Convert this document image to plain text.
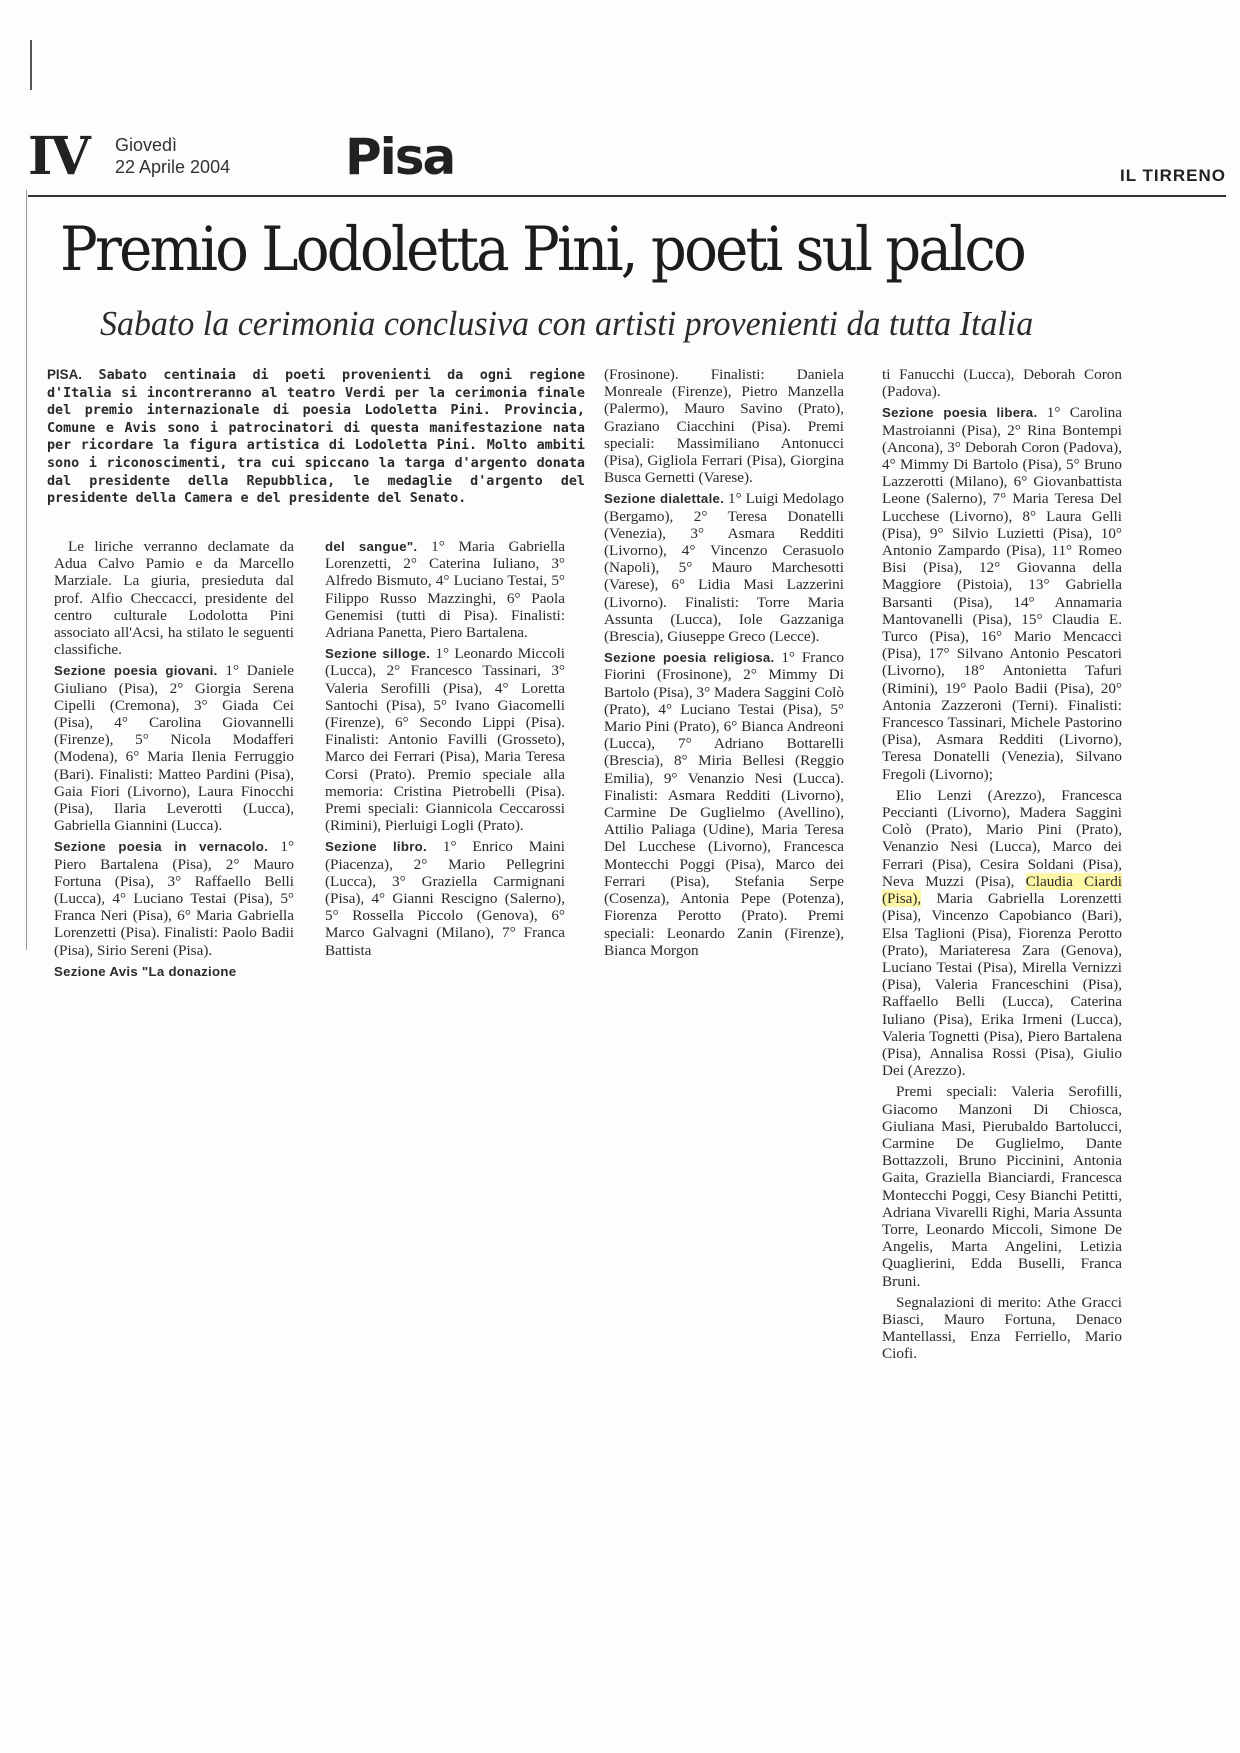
IV Giovedì
22 Aprile 2004 Pisa	IL TIRRENO
Premio Lodoletta Pini, poeti sul palco
Sabato la cerimonia conclusiva con artisti provenienti da tutta Italia
PISA. Sabato centinaia di poeti provenienti da ogni regione d'Italia si incontreranno al teatro Verdi per la cerimonia finale del premio internazionale di poesia Lodoletta Pini. Provincia, Comune e Avis sono i patrocinatori di questa manifestazione nata per ricordare la figura artistica di Lodoletta Pini. Molto ambiti sono i riconoscimenti, tra cui spiccano la targa d'argento donata dal presidente della Repubblica, le medaglie d'argento del presidente della Camera e del presidente del Senato.

Le liriche verranno declamate da Adua Calvo Pamio e da Marcello Marziale. La giuria, presieduta dal prof. Alfio Checcacci, presidente del centro culturale Lodolotta Pini associato all'Acsi, ha stilato le seguenti classifiche.

Sezione poesia giovani. 1° Daniele Giuliano (Pisa), 2° Giorgia Serena Cipelli (Cremona), 3° Giada Cei (Pisa), 4° Carolina Giovannelli (Firenze), 5° Nicola Modafferi (Modena), 6° Maria Ilenia Ferruggio (Bari). Finalisti: Matteo Pardini (Pisa), Gaia Fiori (Livorno), Laura Finocchi (Pisa), Ilaria Leverotti (Lucca), Gabriella Giannini (Lucca).

Sezione poesia in vernacolo. 1° Piero Bartalena (Pisa), 2° Mauro Fortuna (Pisa), 3° Raffaello Belli (Lucca), 4° Luciano Testai (Pisa), 5° Franca Neri (Pisa), 6° Maria Gabriella Lorenzetti (Pisa). Finalisti: Paolo Badii (Pisa), Sirio Sereni (Pisa).

Sezione Avis "La donazione

del sangue". 1° Maria Gabriella Lorenzetti, 2° Caterina Iuliano, 3° Alfredo Bismuto, 4° Luciano Testai, 5° Filippo Russo Mazzinghi, 6° Paola Genemisi (tutti di Pisa). Finalisti: Adriana Panetta, Piero Bartalena.

Sezione silloge. 1° Leonardo Miccoli (Lucca), 2° Francesco Tassinari, 3° Valeria Serofilli (Pisa), 4° Loretta Santochi (Pisa), 5° Ivano Giacomelli (Firenze), 6° Secondo Lippi (Pisa). Finalisti: Antonio Favilli (Grosseto), Marco dei Ferrari (Pisa), Maria Teresa Corsi (Prato). Premio speciale alla memoria: Cristina Pietrobelli (Pisa). Premi speciali: Giannicola Ceccarossi (Rimini), Pierluigi Logli (Prato).

Sezione libro. 1° Enrico Maini (Piacenza), 2° Mario Pellegrini (Lucca), 3° Graziella Carmignani (Pisa), 4° Gianni Rescigno (Salerno), 5° Rossella Piccolo (Genova), 6° Marco Galvagni (Milano), 7° Franca Battista

(Frosinone). Finalisti: Daniela Monreale (Firenze), Pietro Manzella (Palermo), Mauro Savino (Prato), Graziano Ciacchini (Pisa). Premi speciali: Massimiliano Antonucci (Pisa), Gigliola Ferrari (Pisa), Giorgina Busca Gernetti (Varese).

Sezione dialettale. 1° Luigi Medolago (Bergamo), 2° Teresa Donatelli (Venezia), 3° Asmara Redditi (Livorno), 4° Vincenzo Cerasuolo (Napoli), 5° Mauro Marchesotti (Varese), 6° Lidia Masi Lazzerini (Livorno). Finalisti: Torre Maria Assunta (Lucca), Iole Gazzaniga (Brescia), Giuseppe Greco (Lecce).

Sezione poesia religiosa. 1° Franco Fiorini (Frosinone), 2° Mimmy Di Bartolo (Pisa), 3° Madera Saggini Colò (Prato), 4° Luciano Testai (Pisa), 5° Mario Pini (Prato), 6° Bianca Andreoni (Lucca), 7° Adriano Bottarelli (Brescia), 8° Miria Bellesi (Reggio Emilia), 9° Venanzio Nesi (Lucca). Finalisti: Asmara Redditi (Livorno), Carmine De Guglielmo (Avellino), Attilio Paliaga (Udine), Maria Teresa Del Lucchese (Livorno), Francesca Montecchi Poggi (Pisa), Marco dei Ferrari (Pisa), Stefania Serpe (Cosenza), Antonia Pepe (Potenza), Fiorenza Perotto (Prato). Premi speciali: Leonardo Zanin (Firenze), Bianca Morgon

ti Fanucchi (Lucca), Deborah Coron (Padova).

Sezione poesia libera. 1° Carolina Mastroianni (Pisa), 2° Rina Bontempi (Ancona), 3° Deborah Coron (Padova), 4° Mimmy Di Bartolo (Pisa), 5° Bruno Lazzerotti (Milano), 6° Giovanbattista Leone (Salerno), 7° Maria Teresa Del Lucchese (Livorno), 8° Laura Gelli (Pisa), 9° Silvio Luzietti (Pisa), 10° Antonio Zampardo (Pisa), 11° Romeo Bisi (Pisa), 12° Giovanna della Maggiore (Pistoia), 13° Gabriella Barsanti (Pisa), 14° Annamaria Mantovanelli (Pisa), 15° Claudia E. Turco (Pisa), 16° Mario Mencacci (Pisa), 17° Silvano Antonio Pescatori (Livorno), 18° Antonietta Tafuri (Rimini), 19° Paolo Badii (Pisa), 20° Antonia Zazzeroni (Terni). Finalisti: Francesco Tassinari, Michele Pastorino (Pisa), Asmara Redditi (Livorno), Teresa Donatelli (Venezia), Silvano Fregoli (Livorno);

Elio Lenzi (Arezzo), Francesca Peccianti (Livorno), Madera Saggini Colò (Prato), Mario Pini (Prato), Venanzio Nesi (Lucca), Marco dei Ferrari (Pisa), Cesira Soldani (Pisa), Neva Muzzi (Pisa), Claudia Ciardi (Pisa), Maria Gabriella Lorenzetti (Pisa), Vincenzo Capobianco (Bari), Elsa Taglioni (Pisa), Fiorenza Perotto (Prato), Mariateresa Zara (Genova), Luciano Testai (Pisa), Mirella Vernizzi (Pisa), Valeria Franceschini (Pisa), Raffaello Belli (Lucca), Caterina Iuliano (Pisa), Erika Irmeni (Lucca), Valeria Tognetti (Pisa), Piero Bartalena (Pisa), Annalisa Rossi (Pisa), Giulio Dei (Arezzo).

Premi speciali: Valeria Serofilli, Giacomo Manzoni Di Chiosca, Giuliana Masi, Pierubaldo Bartolucci, Carmine De Guglielmo, Dante Bottazzoli, Bruno Piccinini, Antonia Gaita, Graziella Bianciardi, Francesca Montecchi Poggi, Cesy Bianchi Petitti, Adriana Vivarelli Righi, Maria Assunta Torre, Leonardo Miccoli, Simone De Angelis, Marta Angelini, Letizia Quaglierini, Edda Buselli, Franca Bruni.

Segnalazioni di merito: Athe Gracci Biasci, Mauro Fortuna, Denaco Mantellassi, Enza Ferriello, Mario Ciofi.
